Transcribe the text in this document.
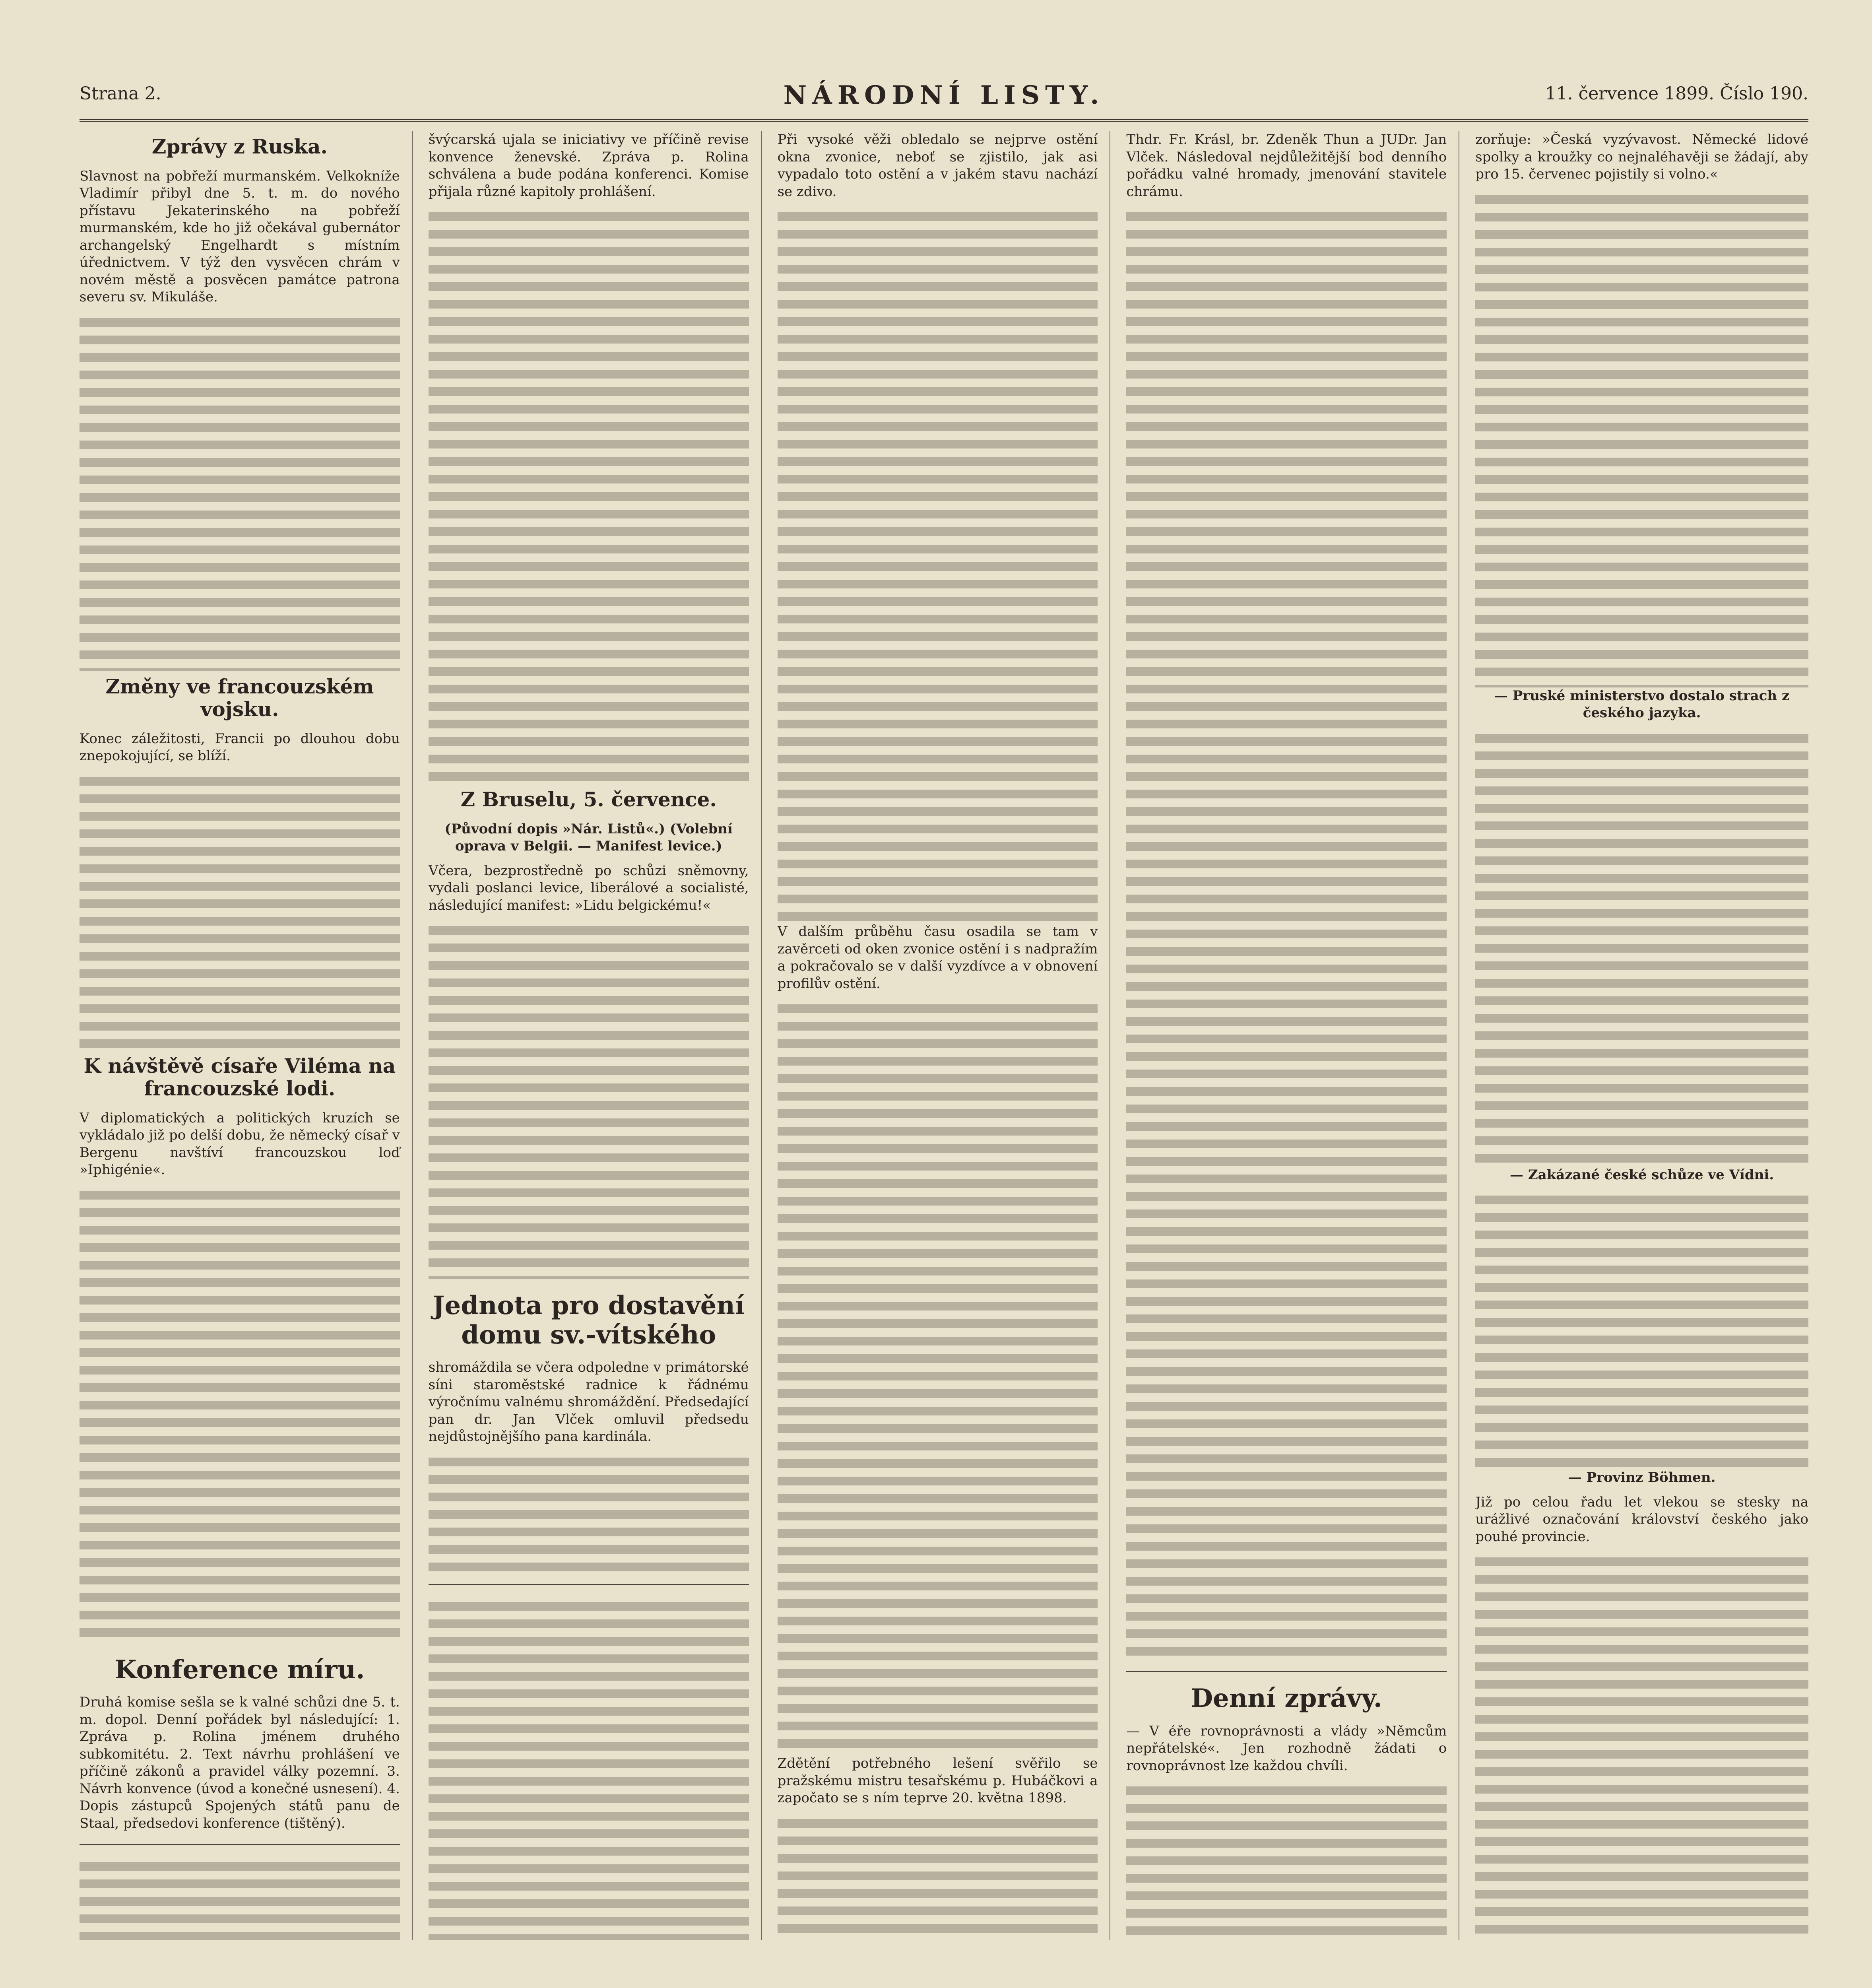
Strana 2.	NÁRODNÍ LISTY.	11. července 1899. Číslo 190.
Zprávy z Ruska.
Slavnost na pobřeží murmanském. Velkokníže Vladimír přibyl dne 5. t. m. do nového přístavu Jekaterinského na pobřeží murmanském, kde ho již očekával gubernátor archangelský Engelhardt s místním úřednictvem. V týž den vysvěcen chrám v novém městě a posvěcen památce patrona severu sv. Mikuláše.
Změny ve francouzském vojsku.
Konec záležitosti, Francii po dlouhou dobu znepokojující, se blíží.
K návštěvě císaře Viléma na francouzské lodi.
V diplomatických a politických kruzích se vykládalo již po delší dobu, že německý císař v Bergenu navštíví francouzskou loď »Iphigénie«.
Konference míru.
Druhá komise sešla se k valné schůzi dne 5. t. m. dopol. Denní pořádek byl následující: 1. Zpráva p. Rolina jménem druhého subkomitétu. 2. Text návrhu prohlášení ve příčině zákonů a pravidel války pozemní. 3. Návrh konvence (úvod a konečné usnesení). 4. Dopis zástupců Spojených států panu de Staal, předsedovi konference (tištěný).
švýcarská ujala se iniciativy ve příčině revise konvence ženevské. Zpráva p. Rolina schválena a bude podána konferenci. Komise přijala různé kapitoly prohlášení.
Z Bruselu, 5. července.
(Původní dopis »Nár. Listů«.) (Volební oprava v Belgii. — Manifest levice.)
Včera, bezprostředně po schůzi sněmovny, vydali poslanci levice, liberálové a socialisté, následující manifest: »Lidu belgickému!«
Jednota pro dostavění domu sv.-vítského
shromáždila se včera odpoledne v primátorské síni staroměstské radnice k řádnému výročnímu valnému shromáždění. Předsedající pan dr. Jan Vlček omluvil předsedu nejdůstojnějšího pana kardinála.
Při vysoké věži obledalo se nejprve ostění okna zvonice, neboť se zjistilo, jak asi vypadalo toto ostění a v jakém stavu nachází se zdivo.
V dalším průběhu času osadila se tam v zavěrceti od oken zvonice ostění i s nadpražím a pokračovalo se v další vyzdívce a v obnovení profilův ostění.
Zdětění potřebného lešení svěřilo se pražskému mistru tesařskému p. Hubáčkovi a započato se s ním teprve 20. května 1898.
Thdr. Fr. Krásl, br. Zdeněk Thun a JUDr. Jan Vlček. Následoval nejdůležitější bod denního pořádku valné hromady, jmenování stavitele chrámu.
Denní zprávy.
— V éře rovnoprávnosti a vlády »Němcům nepřátelské«. Jen rozhodně žádati o rovnoprávnost lze každou chvíli.
zorňuje: »Česká vyzývavost. Německé lidové spolky a kroužky co nejnaléhavěji se žádají, aby pro 15. červenec pojistily si volno.«
— Pruské ministerstvo dostalo strach z českého jazyka.
— Zakázané české schůze ve Vídni.
— Provinz Böhmen.
Již po celou řadu let vlekou se stesky na urážlivé označování království českého jako pouhé provincie.
